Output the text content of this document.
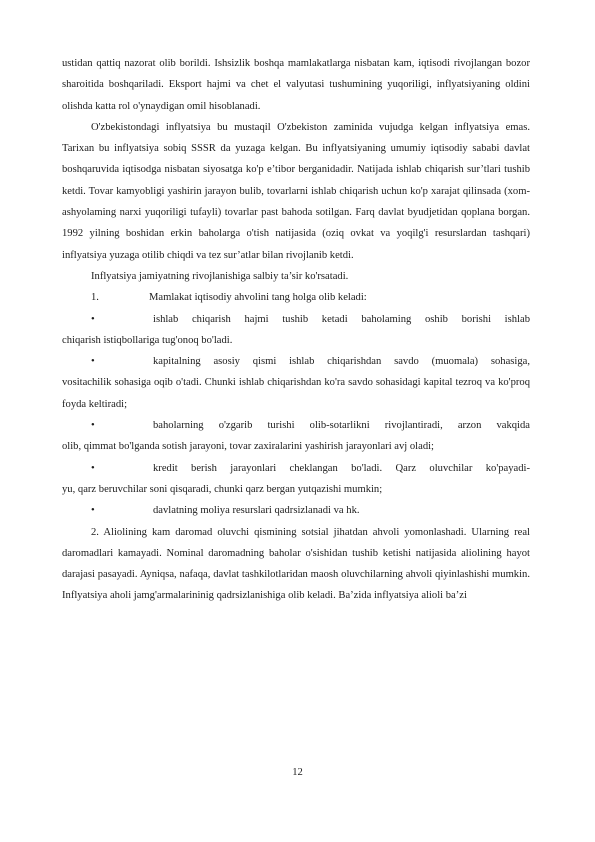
ustidan qattiq nazorat olib borildi. Ishsizlik boshqa mamlakatlarga nisbatan kam, iqtisodi rivojlangan bozor sharoitida boshqariladi. Eksport hajmi va chet el valyutasi tushumining yuqoriligi, inflyatsiyaning oldini olishda katta rol o'ynaydigan omil hisoblanadi.

O'zbekistondagi inflyatsiya bu mustaqil O'zbekiston zaminida vujudga kelgan inflyatsiya emas. Tarixan bu inflyatsiya sobiq SSSR da yuzaga kelgan. Bu inflyatsiyaning umumiy iqtisodiy sababi davlat boshqaruvida iqtisodga nisbatan siyosatga ko'p e’tibor berganidadir. Natijada ishlab chiqarish sur’tlari tushib ketdi. Tovar kamyobligi yashirin jarayon bulib, tovarlarni ishlab chiqarish uchun ko'p xarajat qilinsada (xom-ashyolaming narxi yuqoriligi tufayli) tovarlar past bahoda sotilgan. Farq davlat byudjetidan qoplana borgan. 1992 yilning boshidan erkin baholarga o'tish natijasida (oziq ovkat va yoqilg'i resurslardan tashqari) inflyatsiya yuzaga otilib chiqdi va tez sur’atlar bilan rivojlanib ketdi.

Inflyatsiya jamiyatning rivojlanishiga salbiy ta’sir ko'rsatadi.

1.	Mamlakat iqtisodiy ahvolini tang holga olib keladi:
•	ishlab chiqarish hajmi tushib ketadi baholaming oshib borishi ishlab
chiqarish istiqbollariga tug'onoq bo'ladi.
•	kapitalning asosiy qismi ishlab chiqarishdan savdo (muomala) sohasiga,
vositachilik sohasiga oqib o'tadi. Chunki ishlab chiqarishdan ko'ra savdo sohasidagi kapital tezroq va ko'proq foyda keltiradi;
•	baholarning o'zgarib turishi olib-sotarlikni rivojlantiradi, arzon vakqida
olib, qimmat bo'lganda sotish jarayoni, tovar zaxiralarini yashirish jarayonlari avj oladi;
•	kredit berish jarayonlari cheklangan bo'ladi. Qarz oluvchilar ko'payadi-
yu, qarz beruvchilar soni qisqaradi, chunki qarz bergan yutqazishi mumkin;
•	davlatning moliya resurslari qadrsizlanadi va hk.

2. Aliolining kam daromad oluvchi qismining sotsial jihatdan ahvoli yomonlashadi. Ularning real daromadlari kamayadi. Nominal daromadning baholar o'sishidan tushib ketishi natijasida aliolining hayot darajasi pasayadi. Ayniqsa, nafaqa, davlat tashkilotlaridan maosh oluvchilarning ahvoli qiyinlashishi mumkin. Inflyatsiya aholi jamg'armalarininig qadrsizlanishiga olib keladi. Ba’zida inflyatsiya alioli ba’zi

12
